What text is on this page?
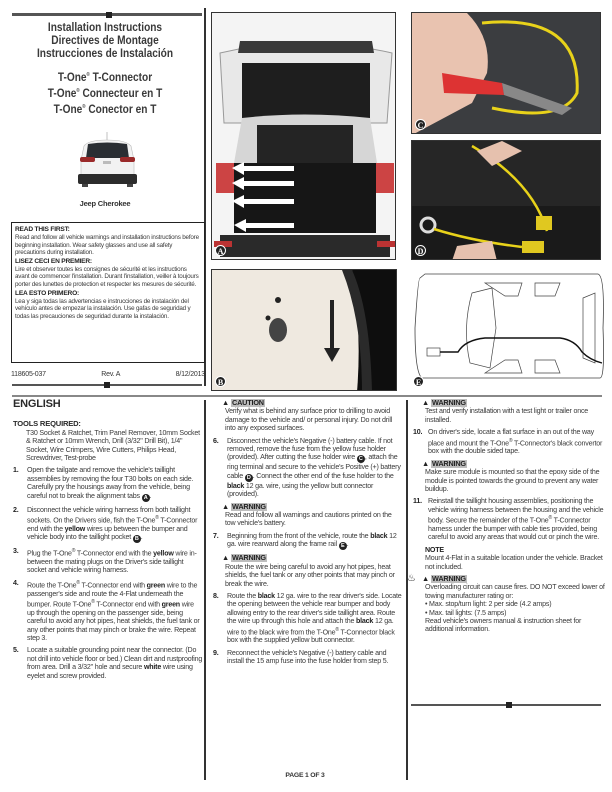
Installation Instructions
Directives de Montage
Instrucciones de Instalación
T-One® T-Connector
T-One® Connecteur en T
T-One® Conector en T
Jeep Cherokee
READ THIS FIRST:
Read and follow all vehicle warnings and installation instructions before beginning installation. Wear safety glasses and use all safety precautions during installation.
LISEZ CECI EN PREMIER:
Lire et observer toutes les consignes de sécurité et les instructions avant de commencer l'installation. Durant l'installation, veiller à toujours porter des lunettes de protection et respecter les mesures de sécurité.
LEA ESTO PRIMERO:
Lea y siga todas las advertencias e instrucciones de instalación del vehículo antes de empezar la instalación. Use gafas de seguridad y todas las precauciones de seguridad durante la instalación.
118605-037	Rev. A	8/12/2013
A
C
D
B	E
ENGLISH
TOOLS REQUIRED:
T30 Socket & Ratchet, Trim Panel Remover, 10mm Socket & Ratchet or 10mm Wrench, Drill (3/32" Drill Bit), 1/4" Socket, Wire Crimpers, Wire Cutters, Philips Head, Screwdriver, Test-probe
1.	Open the tailgate and remove the vehicle's taillight assemblies by removing the four T30 bolts on each side. Carefully pry the housings away from the vehicle, being careful not to break the alignment tabs A .
2.	Disconnect the vehicle wiring harness from both taillight sockets. On the Drivers side, fish the T-One® T-Connector end with the yellow wires up between the bumper and vehicle body into the taillight pocket B .
3.	Plug the T-One® T-Connector end with the yellow wire in-between the mating plugs on the Driver's side taillight socket and vehicle wiring harness.
4.	Route the T-One® T-Connector end with green wire to the passenger's side and route the 4-Flat underneath the bumper. Route T-One® T-Connector end with green wire up through the opening on the passenger side, being careful to avoid any hot pipes, heat shields, the fuel tank or any other points that may pinch or brake the wire. Repeat step 3.
5.	Locate a suitable grounding point near the connector. (Do not drill into vehicle floor or bed.) Clean dirt and rustproofing from area. Drill a 3/32" hole and secure white wire using eyelet and screw provided.
▲ CAUTION
Verify what is behind any surface prior to drilling to avoid damage to the vehicle and/ or personal injury. Do not drill into any exposed surfaces.
6.	Disconnect the vehicle's Negative (-) battery cable. If not removed, remove the fuse from the yellow fuse holder (provided). After cutting the fuse holder wire C , attach the ring terminal and secure to the vehicle's Positive (+) battery cable D . Connect the other end of the fuse holder to the black 12 ga. wire, using the yellow butt connector (provided).
▲ WARNING
Read and follow all warnings and cautions printed on the tow vehicle's battery.
7.	Beginning from the front of the vehicle, route the black 12 ga. wire rearward along the frame rail E .
▲ WARNING
Route the wire being careful to avoid any hot pipes, heat shields, the fuel tank or any other points that may pinch or break the wire.
8.	Route the black 12 ga. wire to the rear driver's side. Locate the opening between the vehicle rear bumper and body allowing entry to the rear driver's side taillight area. Route the wire up through this hole and attach the black 12 ga. wire to the black wire from the T-One® T-Connector black box with the supplied yellow butt connector.
9.	Reconnect the vehicle's Negative (-) battery cable and install the 15 amp fuse into the fuse holder from step 5.
▲ WARNING
Test and verify installation with a test light or trailer once installed.
10. On driver's side, locate a flat surface in an out of the way place and mount the T-One® T-Connector's black convertor box with the double sided tape.
▲ WARNING
Make sure module is mounted so that the epoxy side of the module is pointed towards the ground to prevent any water buildup.
11. Reinstall the taillight housing assemblies, positioning the vehicle wiring harness between the housing and the vehicle body. Secure the remainder of the T-One® T-Connector harness under the bumper with cable ties provided, being careful to avoid any areas that would cut or pinch the wire.
NOTE
Mount 4-Flat in a suitable location under the vehicle. Bracket not included.
♨ ▲ WARNING
Overloading circuit can cause fires. DO NOT exceed lower of towing manufacturer rating or:
• Max. stop/turn light: 2 per side (4.2 amps)
• Max. tail lights: (7.5 amps)
Read vehicle's owners manual & instruction sheet for additional information.
PAGE 1 OF 3
